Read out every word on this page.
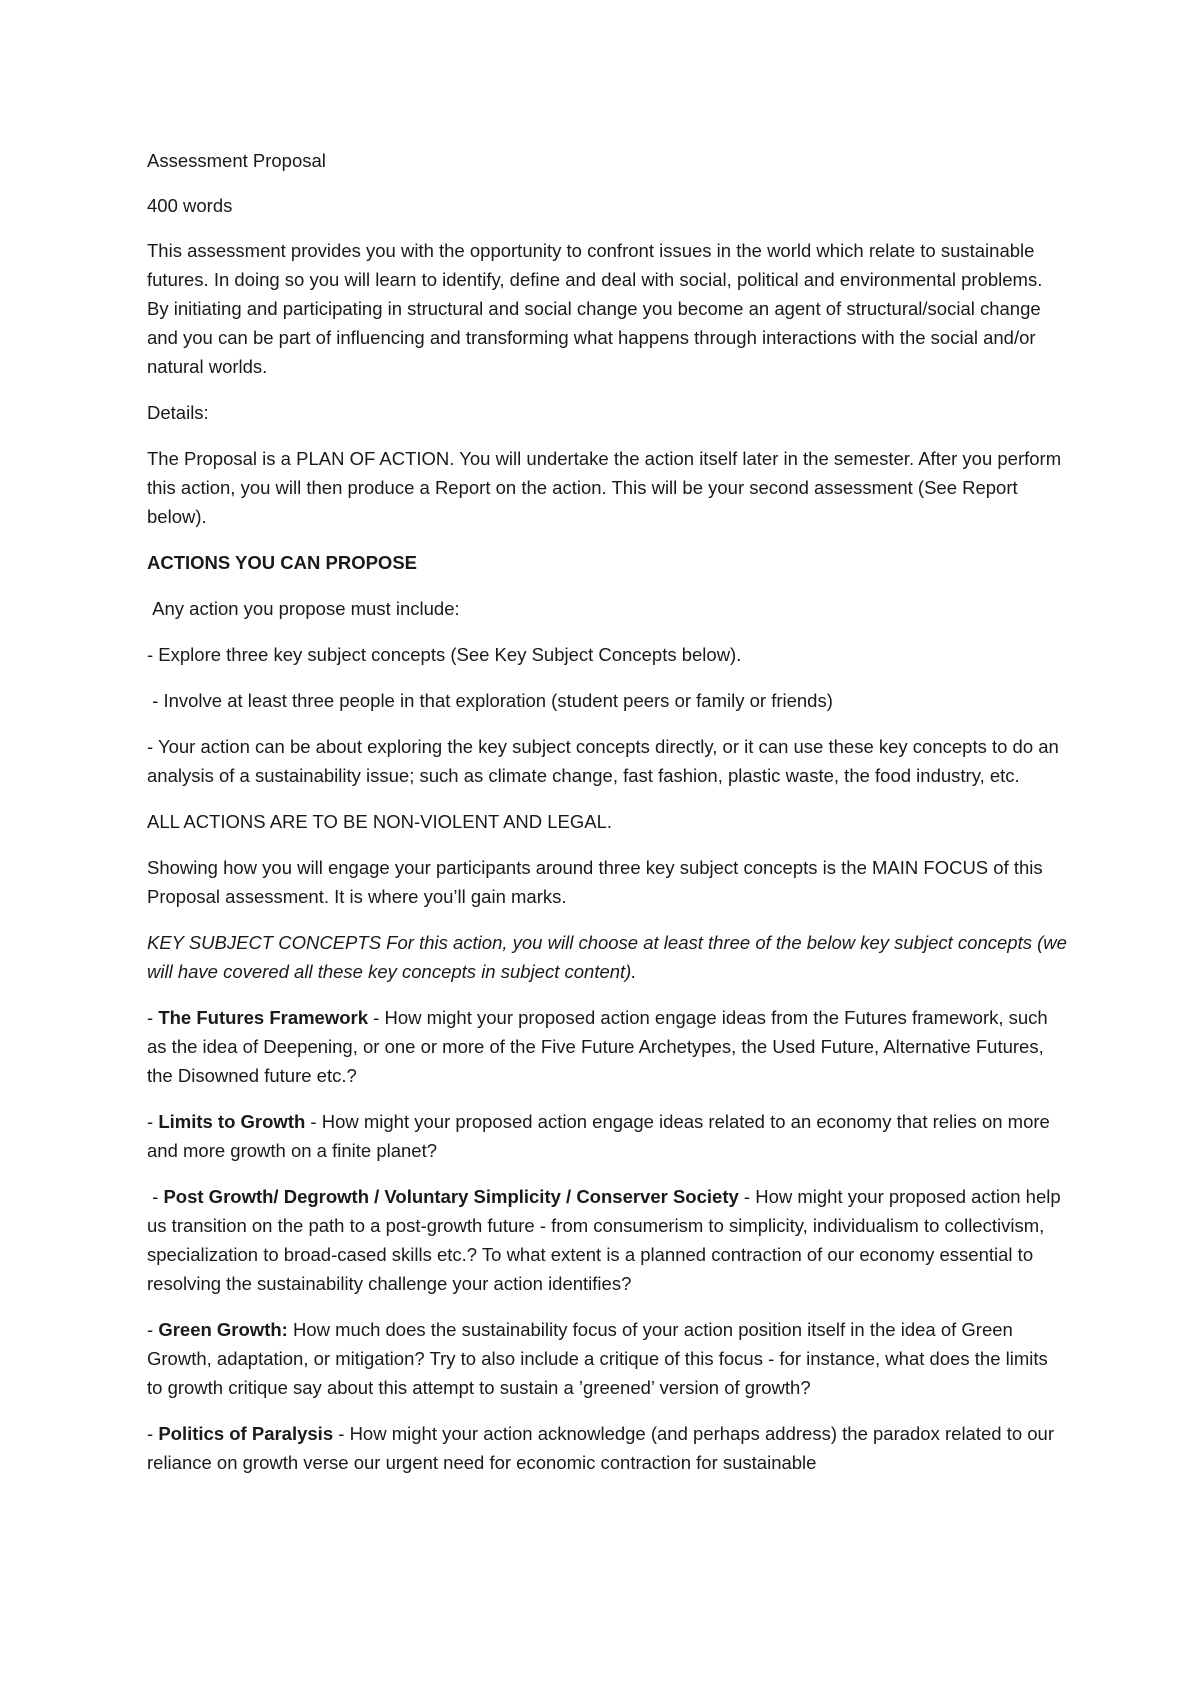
Assessment Proposal

400 words

This assessment provides you with the opportunity to confront issues in the world which relate to sustainable futures. In doing so you will learn to identify, define and deal with social, political and environmental problems. By initiating and participating in structural and social change you become an agent of structural/social change and you can be part of influencing and transforming what happens through interactions with the social and/or natural worlds.

Details:

The Proposal is a PLAN OF ACTION. You will undertake the action itself later in the semester. After you perform this action, you will then produce a Report on the action. This will be your second assessment (See Report below).

ACTIONS YOU CAN PROPOSE

Any action you propose must include:

- Explore three key subject concepts (See Key Subject Concepts below).

- Involve at least three people in that exploration (student peers or family or friends)

- Your action can be about exploring the key subject concepts directly, or it can use these key concepts to do an analysis of a sustainability issue; such as climate change, fast fashion, plastic waste, the food industry, etc.

ALL ACTIONS ARE TO BE NON-VIOLENT AND LEGAL.

Showing how you will engage your participants around three key subject concepts is the MAIN FOCUS of this Proposal assessment. It is where you’ll gain marks.

KEY SUBJECT CONCEPTS For this action, you will choose at least three of the below key subject concepts (we will have covered all these key concepts in subject content).

- The Futures Framework - How might your proposed action engage ideas from the Futures framework, such as the idea of Deepening, or one or more of the Five Future Archetypes, the Used Future, Alternative Futures, the Disowned future etc.?

- Limits to Growth - How might your proposed action engage ideas related to an economy that relies on more and more growth on a finite planet?

- Post Growth/ Degrowth / Voluntary Simplicity / Conserver Society - How might your proposed action help us transition on the path to a post-growth future - from consumerism to simplicity, individualism to collectivism, specialization to broad-cased skills etc.? To what extent is a planned contraction of our economy essential to resolving the sustainability challenge your action identifies?

- Green Growth: How much does the sustainability focus of your action position itself in the idea of Green Growth, adaptation, or mitigation? Try to also include a critique of this focus - for instance, what does the limits to growth critique say about this attempt to sustain a ’greened’ version of growth?

- Politics of Paralysis - How might your action acknowledge (and perhaps address) the paradox related to our reliance on growth verse our urgent need for economic contraction for sustainable
